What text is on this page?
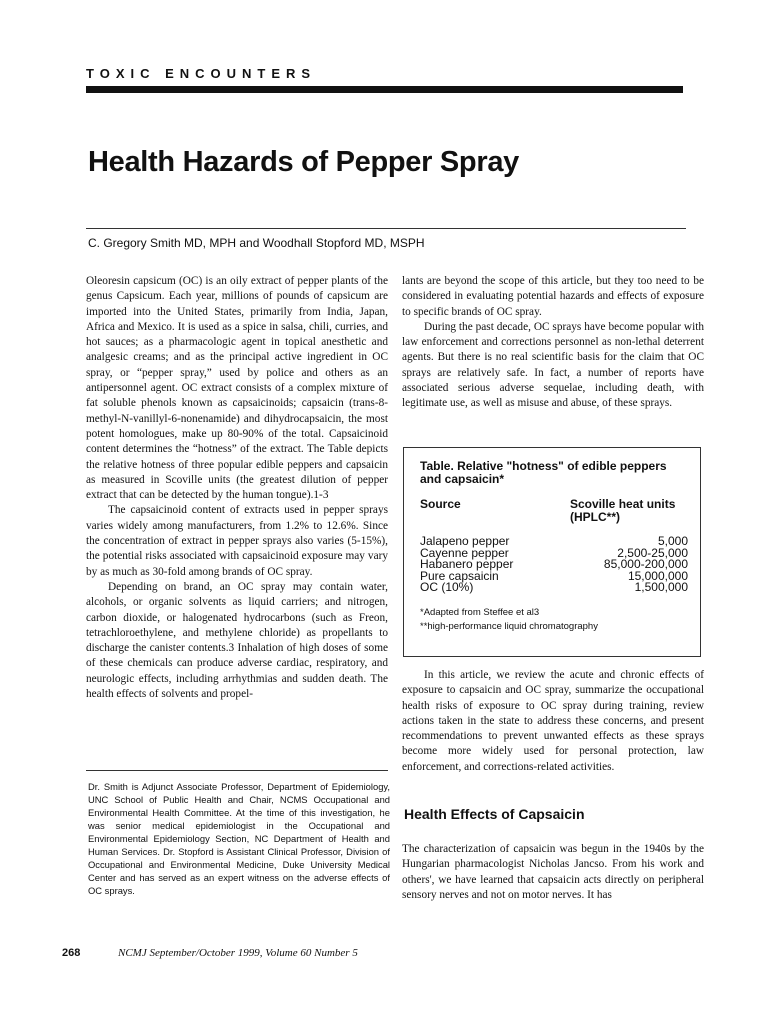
TOXIC ENCOUNTERS
Health Hazards of Pepper Spray
C. Gregory Smith MD, MPH and Woodhall Stopford MD, MSPH

Oleoresin capsicum (OC) is an oily extract of pepper plants of the genus Capsicum. Each year, millions of pounds of capsicum are imported into the United States, primarily from India, Japan, Africa and Mexico. It is used as a spice in salsa, chili, curries, and hot sauces; as a pharmacologic agent in topical anesthetic and analgesic creams; and as the principal active ingredient in OC spray, or “pepper spray,” used by police and others as an antipersonnel agent. OC extract consists of a complex mixture of fat soluble phenols known as capsaicinoids; capsaicin (trans-8-methyl-N-vanillyl-6-nonenamide) and dihydrocapsaicin, the most potent homologues, make up 80-90% of the total. Capsaicinoid content determines the “hotness” of the extract. The Table depicts the relative hotness of three popular edible peppers and capsaicin as measured in Scoville units (the greatest dilution of pepper extract that can be detected by the human tongue).1-3

The capsaicinoid content of extracts used in pepper sprays varies widely among manufacturers, from 1.2% to 12.6%. Since the concentration of extract in pepper sprays also varies (5-15%), the potential risks associated with capsaicinoid exposure may vary by as much as 30-fold among brands of OC spray.

Depending on brand, an OC spray may contain water, alcohols, or organic solvents as liquid carriers; and nitrogen, carbon dioxide, or halogenated hydrocarbons (such as Freon, tetrachloroethylene, and methylene chloride) as propellants to discharge the canister contents.3 Inhalation of high doses of some of these chemicals can produce adverse cardiac, respiratory, and neurologic effects, including arrhythmias and sudden death. The health effects of solvents and propel-

lants are beyond the scope of this article, but they too need to be considered in evaluating potential hazards and effects of exposure to specific brands of OC spray.

During the past decade, OC sprays have become popular with law enforcement and corrections personnel as non-lethal deterrent agents. But there is no real scientific basis for the claim that OC sprays are relatively safe. In fact, a number of reports have associated serious adverse sequelae, including death, with legitimate use, as well as misuse and abuse, of these sprays.

Table. Relative "hotness" of edible peppers and capsaicin*
Source	Scoville heat units (HPLC**)
Jalapeno pepper	5,000
Cayenne pepper	2,500-25,000
Habanero pepper	85,000-200,000
Pure capsaicin	15,000,000
OC (10%)	1,500,000
*Adapted from Steffee et al3
**high-performance liquid chromatography

In this article, we review the acute and chronic effects of exposure to capsaicin and OC spray, summarize the occupational health risks of exposure to OC spray during training, review actions taken in the state to address these concerns, and present recommendations to prevent unwanted effects as these sprays become more widely used for personal protection, law enforcement, and corrections-related activities.

Health Effects of Capsaicin

The characterization of capsaicin was begun in the 1940s by the Hungarian pharmacologist Nicholas Jancso. From his work and others', we have learned that capsaicin acts directly on peripheral sensory nerves and not on motor nerves. It has

Dr. Smith is Adjunct Associate Professor, Department of Epidemiology, UNC School of Public Health and Chair, NCMS Occupational and Environmental Health Committee. At the time of this investigation, he was senior medical epidemiologist in the Occupational and Environmental Epidemiology Section, NC Department of Health and Human Services. Dr. Stopford is Assistant Clinical Professor, Division of Occupational and Environmental Medicine, Duke University Medical Center and has served as an expert witness on the adverse effects of OC sprays.
268	NCMJ September/October 1999, Volume 60 Number 5
